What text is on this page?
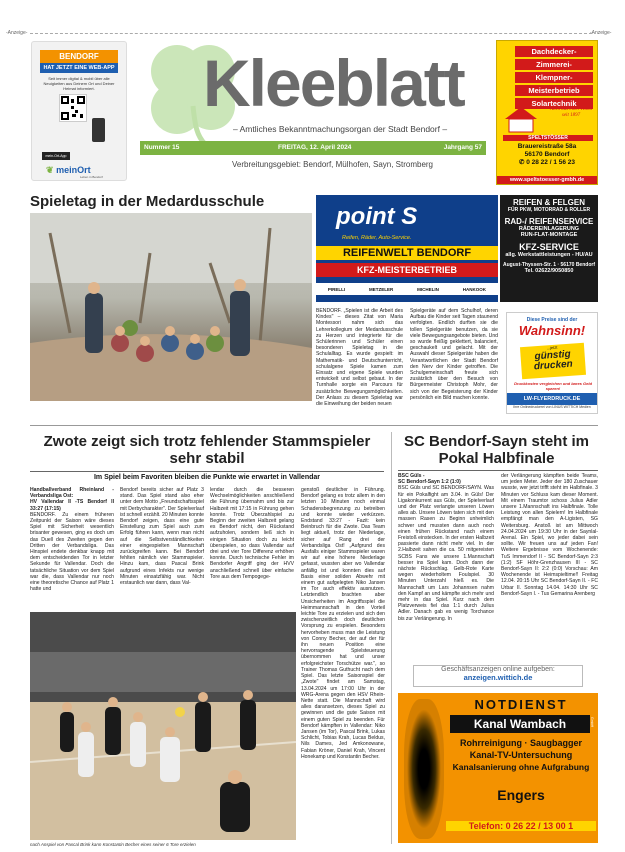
-Anzeige-	-Anzeige-
BENDORF
HAT JETZT EINE WEB-APP
Seit immer digital & mobil über alle Neuigkeiten aus Deinem Ort und Deiner Heimat informiert.
mein-Ort-App
❦ meinOrt
Leben in Bendorf
Kleeblatt
– Amtliches Bekanntmachungsorgan der Stadt Bendorf –
Nummer 15	FREITAG, 12. April 2024	Jahrgang 57
Verbreitungsgebiet: Bendorf, Mülhofen, Sayn, Stromberg
Dachdecker-
Zimmerei-
Klempner-
Meisterbetrieb
Solartechnik
Alles aus einer Hand seit 1897
SPELTSTÖSSER
Brauereistraße 58a
56170 Bendorf
✆ 0 28 22 / 1 56 23
www.speltstoesser-gmbh.de
Spieletag in der Medardusschule
BENDORF. „Spielen ist die Arbeit des Kindes" – dieses Zitat von Maria Montessori nahm sich das Lehrerkollegium der Medardusschule zu Herzen und integrierte für die Schülerinnen und Schüler einen besonderen Spieletag in die Schulalltag. Es wurde gespielt: im Mathematik- und Deutschunterricht, schulalgene Spiele kamen zum Einsatz und eigene Spiele wurden entwickelt und selbst gebaut. In der Turnhalle sorgte ein Parcours für zusätzliche Bewegungsmöglichkeiten. Der Anlass zu diesem Spieletag war die Einweihung der beiden neuen
Spielgeräte auf dem Schulhof, deren Aufbau die Kinder seit Tagen staunend verfolgten. Endlich durften sie die tollen Spielgeräte benutzen, da sie viele Bewegungsangebote bieten. Und so wurde fleißig geklettert, balanciert, geschaukelt und gelacht. Mit der Auswahl dieser Spielgeräte haben die Verantwortlichen der Stadt Bendorf den Nerv der Kinder getroffen. Die Schulgemeinschaft freute sich zusätzlich über den Besuch von Bürgermeister Christoph Mohr, der sich von der Begeisterung der Kinder persönlich ein Bild machen konnte.
point S
Reifen, Räder, Auto-Service.
REIFENWELT BENDORF
KFZ-MEISTERBETRIEB
PIRELLI	METZELER	MICHELIN	HANKOOK
REIFEN & FELGEN
FÜR PKW, MOTORRAD & ROLLER
RAD-/ REIFENSERVICE
RÄDEREINLAGERUNG
RUN-FLAT-MONTAGE
KFZ-SERVICE
allg. Werkstattleistungen - HU/AU
August-Thyssen-Str. 1 · 56170 Bendorf
Tel. 02622/9050850
Diese Preise sind der
Wahnsinn!
...jetzt
günstig
drucken
Druckkosten vergleichen und bares Geld sparen!
LW-FLYERDRUCK.DE
Ihre Onlinedruckerei von LINUS WITTICH Medien
Zwote zeigt sich trotz fehlender Stammspieler sehr stabil
Im Spiel beim Favoriten bleiben die Punkte wie erwartet in Vallendar
Handballverband Rheinland - Verbandsliga Ost:
HV Vallendar II -TS Bendorf II 33:27 (17:15)
BENDORF. Zu einem früheren Zeitpunkt der Saison wäre dieses Spiel mit Sicherheit wesentlich brisanter gewesen, ging es doch um das Duell des Zweiten gegen den Dritten der Verbandsliga. Das Hinspiel endete denkbar knapp mit dem entscheidenden Tor in letzter Sekunde für Vallendar. Doch die tatsächliche Situation vor dem Spiel war die, dass Vallendar nur noch eine theoretische Chance auf Platz 1 hatte und
Bendorf bereits sicher auf Platz 3 stand. Das Spiel stand also eher unter dem Motto „Freundschaftsspiel mit Derbycharakter". Der Spielverlauf ist schnell erzählt. 20 Minuten konnte Bendorf zeigen, dass eine gute Einstellung zum Spiel auch zum Erfolg führen kann, wenn man nicht auf die Selbstverständlichkeiten einer eingespielten Mannschaft zurückgreifen kann. Bei Bendorf fehlten nämlich vier Stammspieler. Hinzu kam, dass Pascal Brink aufgrund eines Infekts nur wenige Minuten einsatzfähig war. Nicht erstaunlich war dann, dass Val-
lendar durch die besseren Wechselmöglichkeiten anschließend die Führung übernahm und bis zur Halbzeit mit 17:15 in Führung gehen konnte. Trotz Überzahlspiel zu Beginn der zweiten Halbzeit gelang es Bendorf nicht, den Rückstand aufzuholen, sondern ließ sich in einigen Situation doch zu leicht überspielen, so dass Vallendar auf drei und vier Tore Differenz erhöhen konnte. Durch technische Fehler im Bendorfer Angriff ging der HVV anschließend schnell über einfache Tore aus dem Tempogege-
genstoß deutlicher in Führung. Bendorf gelang es trotz allem in den letzten 10 Minuten noch einmal Schadensbegrenzung zu betreiben und konnte wieder verkürzen. Endstand 33:27 - Fazit: kein Beinbruch für die Zwote. Das Team liegt aktuell, trotz der Niederlage, sicher auf Rang drei der Verbandsliga Ost! „Aufgrund des Ausfalls einiger Stammspieler waren wir auf eine höhere Niederlage gefasst, wussten aber wo Vallendar anfällig ist und konnten dies auf Basis einer soliden Abwehr mit einem gut aufgelegten Niko Jansen im Tor auch effektiv ausnutzen. Letztendlich brachten aber Unsicherheiten im Angriffsspiel die Heimmannschaft in den Vorteil leichte Tore zu erzielen und sich den zwischenzeitlich doch deutlichen Vorsprung zu erspielen. Besonders hervorheben muss man die Leistung von Conny Becher, der auf der für ihn neuen Position eine hervorragende Spielsteuerung übernommen hat und unser erfolgreichster Torschütze war.", so Trainer Thomas Guthucht nach dem Spiel. Das letzte Saisonspiel der „Zwote" findet am Samstag, 13.04.2024 um 17:00 Uhr in der WRG-Arena gegen den HSV Rhein-Nette statt. Die Mannschaft wird alles daransetzen, dieses Spiel zu gewinnen und die gute Saison mit einem guten Spiel zu beenden. Für Bendorf kämpften in Vallendar: Niko Jansen (im Tor), Pascal Brink, Lukas Schlicht, Tobias Krah, Lucas Beldus, Nils Dames, Jed Amkonowane, Fabian Kröner, Daniel Krah, Vincent Honekamp und Konstantin Becher.
nach Anspiel von Pascal Brink kann Konstantin Becher eines seiner 6 Tore erzielen
SC Bendorf-Sayn steht im Pokal Halbfinale
BSC Güls -
SC Bendorf-Sayn 1:2 (1:0)
BSC Güls und SC BENDORF/SAYN. Was für ein Pokalfight am 3.04. in Güls! Der Ligakonkurrent aus Güls, der Spielverlauf und der Platz verlangte unseren Löwen alles ab. Unsere Löwen taten sich mit den massen Rasen zu Beginn unheimlich schwer und mussten dann auch noch einen frühen Rückstand nach einem Freistoß einstecken. In der ersten Halbzeit passierte dann nicht mehr viel. In der 2.Halbzeit sahen die ca. 50 mitgereisten SCBS Fans wie unsere 1.Mannschaft besser ins Spiel kam. Doch dann der nächste Rückschlag. Gelb-Rote Karte wegen wiederholtem Foulspiel. 30 Minuten Unterzahl hieß es. Die Mannschaft um Lars Johannsen nahm den Kampf an und kämpfte sich mehr und mehr in das Spiel. Kurz nach dem Platzverweis fiel das 1:1 durch Julius Adler. Danach gab es wenig Torchance bis zur Verlängerung. In
der Verlängerung kämpften beide Teams, um jeden Meter. Jeder der 180 Zuschauer wusste, wer jetzt trifft steht im Halbfinale. 3 Minuten vor Schluss kam dieser Moment. Mit einem Traumtor schoss Julius Adler unsere 1.Mannschaft ins Halbfinale. Tolle Leistung von allen Spielern! Im Halbfinale empfängt man den A-Ligisten, SG Weitersburg. Anstoß ist am Mittwoch 24.04.2024 um 19:30 Uhr in der Saynlal-Arenal. Ein Spiel, wo jeder dabei sein sollte. Wir freuen uns auf jeden Fan! Weitere Ergebnisse vom Wochenende: TuS Immendorf II - SC Bendorf-Sayn 2:3 (1:2) SF Höhr-Grenzhausen III - SC Bendorf-Sayn II: 2:2 (0:0) Vorschau: Am Wochenende ist Heimspieltime!! Freitag 12.04. 20:15 Uhr SC Bendorf-Sayn II. - FC Urbar II. Sonntag 14.04. 14:30 Uhr SC Bendorf-Sayn I. - Tus Gemarina Arenberg
Geschäftsanzeigen online aufgeben:
anzeigen.wittich.de
NOTDIENST
Kanal Wambach	GmbH
Rohrreinigung · Saugbagger
Kanal-TV-Untersuchung
Kanalsanierung ohne Aufgrabung
Engers
Telefon: 0 26 22 / 13 00 1
